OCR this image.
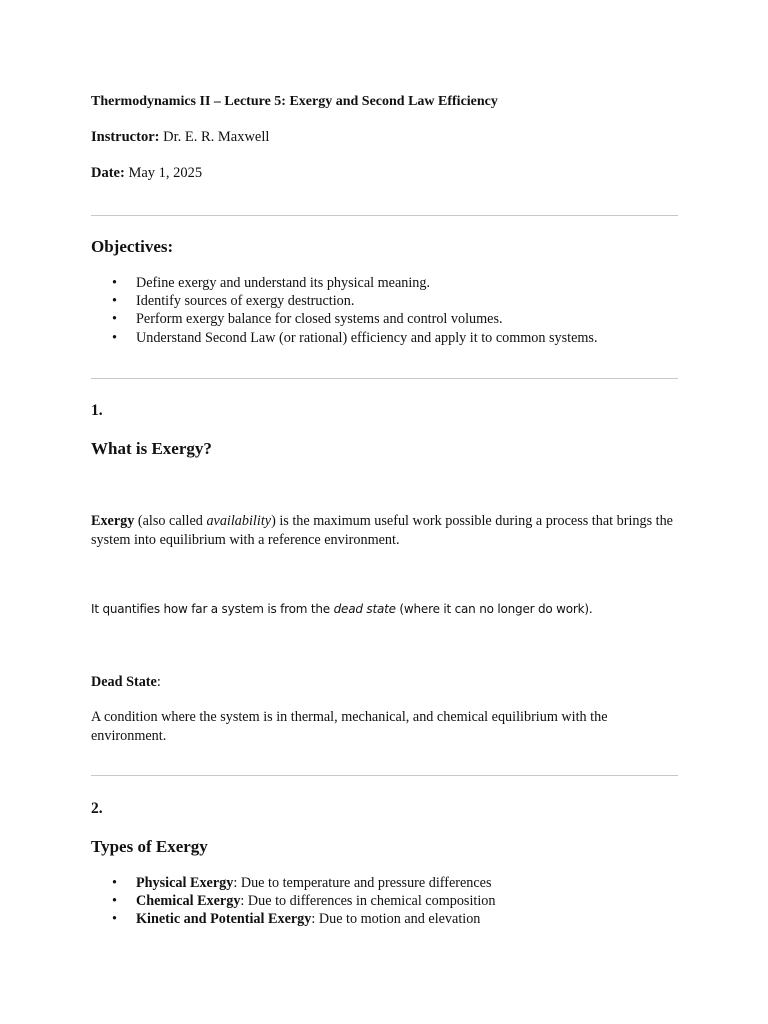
Thermodynamics II – Lecture 5: Exergy and Second Law Efficiency
Instructor: Dr. E. R. Maxwell
Date: May 1, 2025
Objectives:
• Define exergy and understand its physical meaning.
• Identify sources of exergy destruction.
• Perform exergy balance for closed systems and control volumes.
• Understand Second Law (or rational) efficiency and apply it to common systems.
1.
What is Exergy?
Exergy (also called availability) is the maximum useful work possible during a process that brings the system into equilibrium with a reference environment.
It quantifies how far a system is from the dead state (where it can no longer do work).
Dead State:
A condition where the system is in thermal, mechanical, and chemical equilibrium with the environment.
2.
Types of Exergy
• Physical Exergy: Due to temperature and pressure differences
• Chemical Exergy: Due to differences in chemical composition
• Kinetic and Potential Exergy: Due to motion and elevation
